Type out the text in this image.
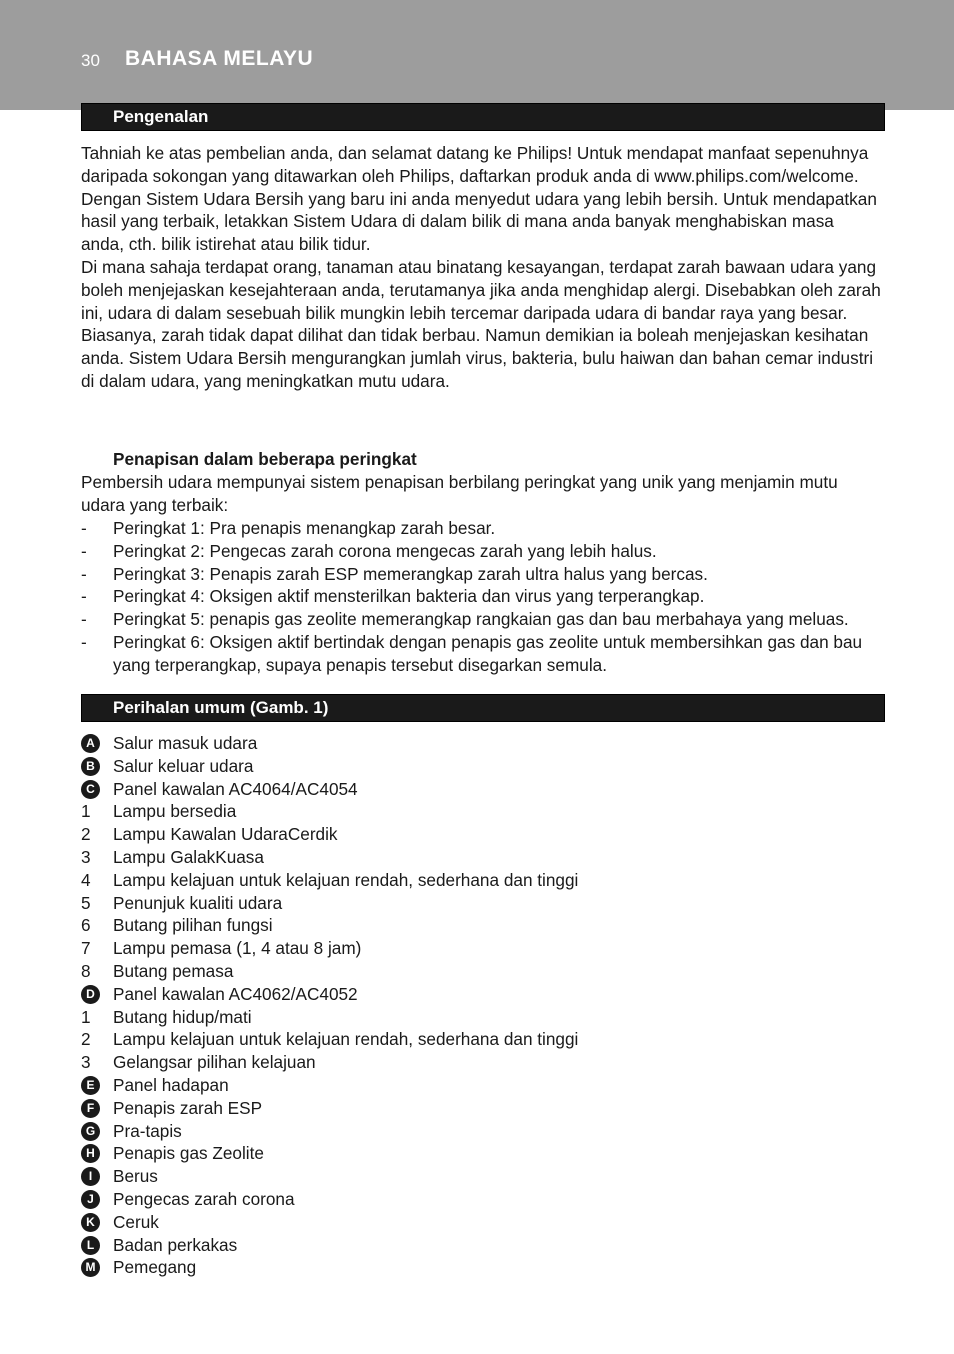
30 BAHASA MELAYU
Pengenalan

Tahniah ke atas pembelian anda, dan selamat datang ke Philips! Untuk mendapat manfaat sepenuhnya daripada sokongan yang ditawarkan oleh Philips, daftarkan produk anda di www.philips.com/welcome.

Dengan Sistem Udara Bersih yang baru ini anda menyedut udara yang lebih bersih. Untuk mendapatkan hasil yang terbaik, letakkan Sistem Udara di dalam bilik di mana anda banyak menghabiskan masa anda, cth. bilik istirehat atau bilik tidur.

Di mana sahaja terdapat orang, tanaman atau binatang kesayangan, terdapat zarah bawaan udara yang boleh menjejaskan kesejahteraan anda, terutamanya jika anda menghidap alergi. Disebabkan oleh zarah ini, udara di dalam sesebuah bilik mungkin lebih tercemar daripada udara di bandar raya yang besar.

Biasanya, zarah tidak dapat dilihat dan tidak berbau. Namun demikian ia boleah menjejaskan kesihatan anda. Sistem Udara Bersih mengurangkan jumlah virus, bakteria, bulu haiwan dan bahan cemar industri di dalam udara, yang meningkatkan mutu udara.

Penapisan dalam beberapa peringkat

Pembersih udara mempunyai sistem penapisan berbilang peringkat yang unik yang menjamin mutu udara yang terbaik:

- Peringkat 1: Pra penapis menangkap zarah besar.
- Peringkat 2: Pengecas zarah corona mengecas zarah yang lebih halus.
- Peringkat 3: Penapis zarah ESP memerangkap zarah ultra halus yang bercas.
- Peringkat 4: Oksigen aktif mensterilkan bakteria dan virus yang terperangkap.
- Peringkat 5: penapis gas zeolite memerangkap rangkaian gas dan bau merbahaya yang meluas.
- Peringkat 6: Oksigen aktif bertindak dengan penapis gas zeolite untuk membersihkan gas dan bau yang terperangkap, supaya penapis tersebut disegarkan semula.
Perihalan umum (Gamb. 1)
A	Salur masuk udara
B	Salur keluar udara
C	Panel kawalan AC4064/AC4054
1 Lampu bersedia
2 Lampu Kawalan UdaraCerdik
3 Lampu GalakKuasa
4 Lampu kelajuan untuk kelajuan rendah, sederhana dan tinggi
5 Penunjuk kualiti udara
6 Butang pilihan fungsi
7 Lampu pemasa (1, 4 atau 8 jam)
8 Butang pemasa
D	Panel kawalan AC4062/AC4052
1 Butang hidup/mati
2 Lampu kelajuan untuk kelajuan rendah, sederhana dan tinggi
3 Gelangsar pilihan kelajuan
E	Panel hadapan
F	Penapis zarah ESP
G Pra-tapis
H	Penapis gas Zeolite
I	Berus
J	Pengecas zarah corona
K	Ceruk
L	Badan perkakas
M Pemegang
